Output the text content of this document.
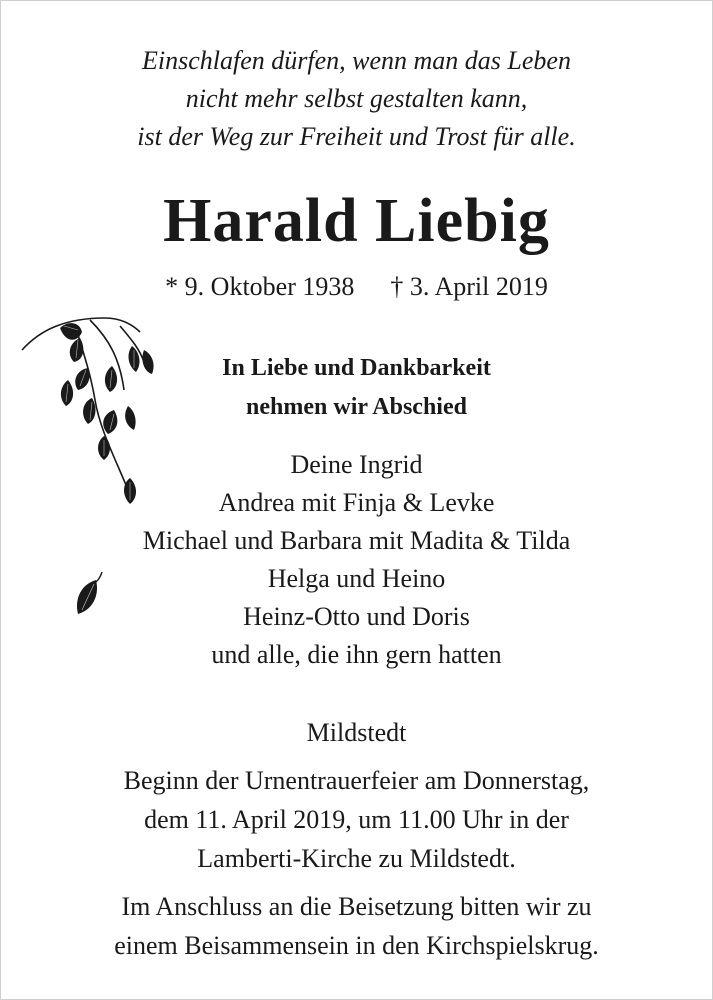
Einschlafen dürfen, wenn man das Leben
nicht mehr selbst gestalten kann,
ist der Weg zur Freiheit und Trost für alle.
Harald Liebig
* 9. Oktober 1938 † 3. April 2019
In Liebe und Dankbarkeit
nehmen wir Abschied
Deine Ingrid
Andrea mit Finja & Levke
Michael und Barbara mit Madita & Tilda
Helga und Heino
Heinz-Otto und Doris
und alle, die ihn gern hatten
Mildstedt
Beginn der Urnentrauerfeier am Donnerstag,
dem 11. April 2019, um 11.00 Uhr in der
Lamberti-Kirche zu Mildstedt.
Im Anschluss an die Beisetzung bitten wir zu
einem Beisammensein in den Kirchspielskrug.
